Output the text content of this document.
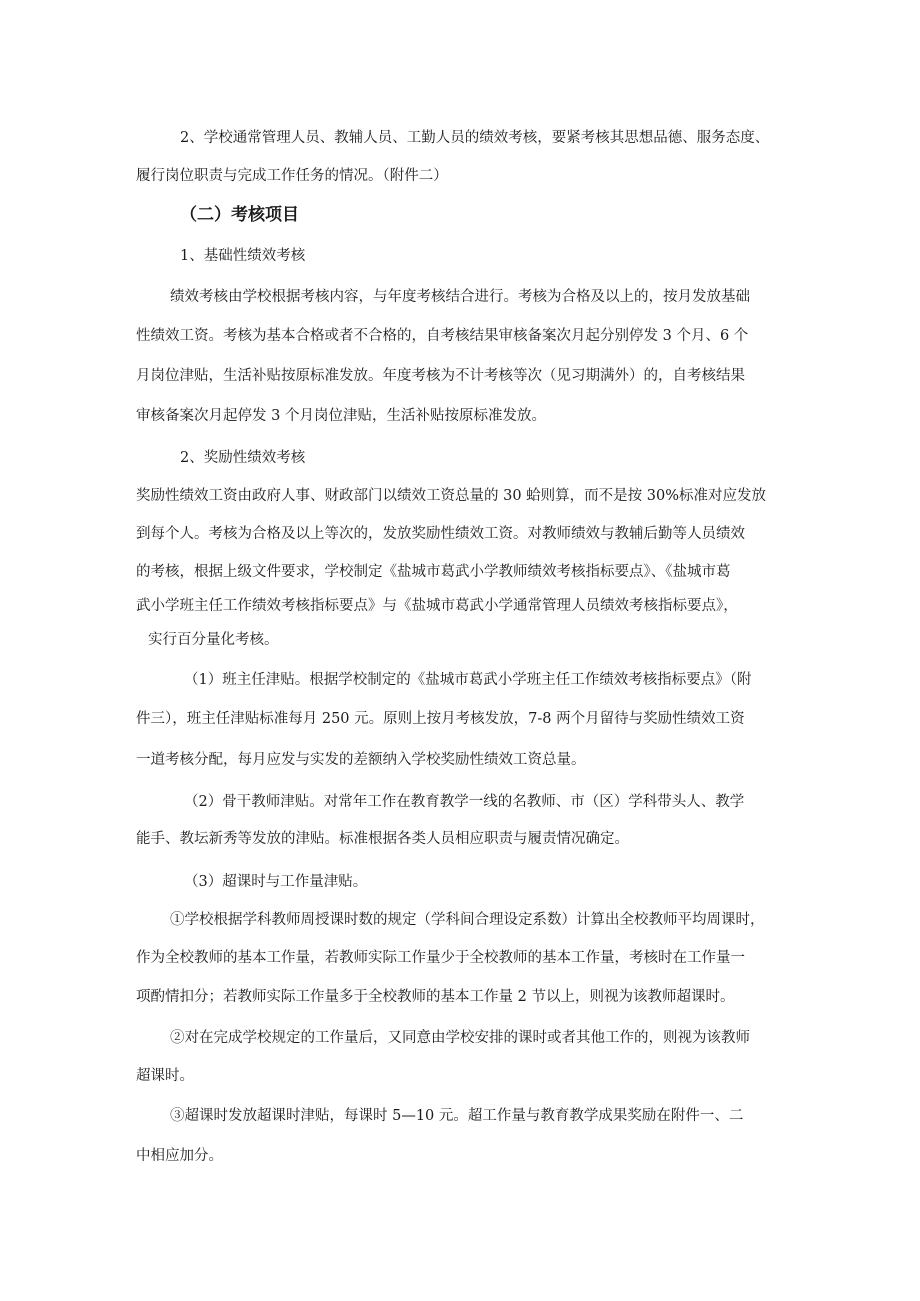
2、学校通常管理人员、教辅人员、工勤人员的绩效考核，要紧考核其思想品德、服务态度、
履行岗位职责与完成工作任务的情况。（附件二）
（二）考核项目
1、基础性绩效考核
绩效考核由学校根据考核内容，与年度考核结合进行。考核为合格及以上的，按月发放基础
性绩效工资。考核为基本合格或者不合格的，自考核结果审核备案次月起分别停发 3 个月、6 个
月岗位津贴，生活补贴按原标准发放。年度考核为不计考核等次（见习期满外）的，自考核结果
审核备案次月起停发 3 个月岗位津贴，生活补贴按原标准发放。
2、奖励性绩效考核
奖励性绩效工资由政府人事、财政部门以绩效工资总量的 30 蛤则算，而不是按 30%标准对应发放
到每个人。考核为合格及以上等次的，发放奖励性绩效工资。对教师绩效与教辅后勤等人员绩效
的考核，根据上级文件要求，学校制定《盐城市葛武小学教师绩效考核指标要点》、《盐城市葛
武小学班主任工作绩效考核指标要点》与《盐城市葛武小学通常管理人员绩效考核指标要点》，
实行百分量化考核。
（1）班主任津贴。根据学校制定的《盐城市葛武小学班主任工作绩效考核指标要点》（附
件三），班主任津贴标准每月 250 元。原则上按月考核发放，7-8 两个月留待与奖励性绩效工资
一道考核分配，每月应发与实发的差额纳入学校奖励性绩效工资总量。
（2）骨干教师津贴。对常年工作在教育教学一线的名教师、市（区）学科带头人、教学
能手、教坛新秀等发放的津贴。标准根据各类人员相应职责与履责情况确定。
（3）超课时与工作量津贴。
①学校根据学科教师周授课时数的规定（学科间合理设定系数）计算出全校教师平均周课时，
作为全校教师的基本工作量，若教师实际工作量少于全校教师的基本工作量，考核时在工作量一
项酌情扣分；若教师实际工作量多于全校教师的基本工作量 2 节以上，则视为该教师超课时。
②对在完成学校规定的工作量后，又同意由学校安排的课时或者其他工作的，则视为该教师
超课时。
③超课时发放超课时津贴，每课时 5—10 元。超工作量与教育教学成果奖励在附件一、二
中相应加分。
